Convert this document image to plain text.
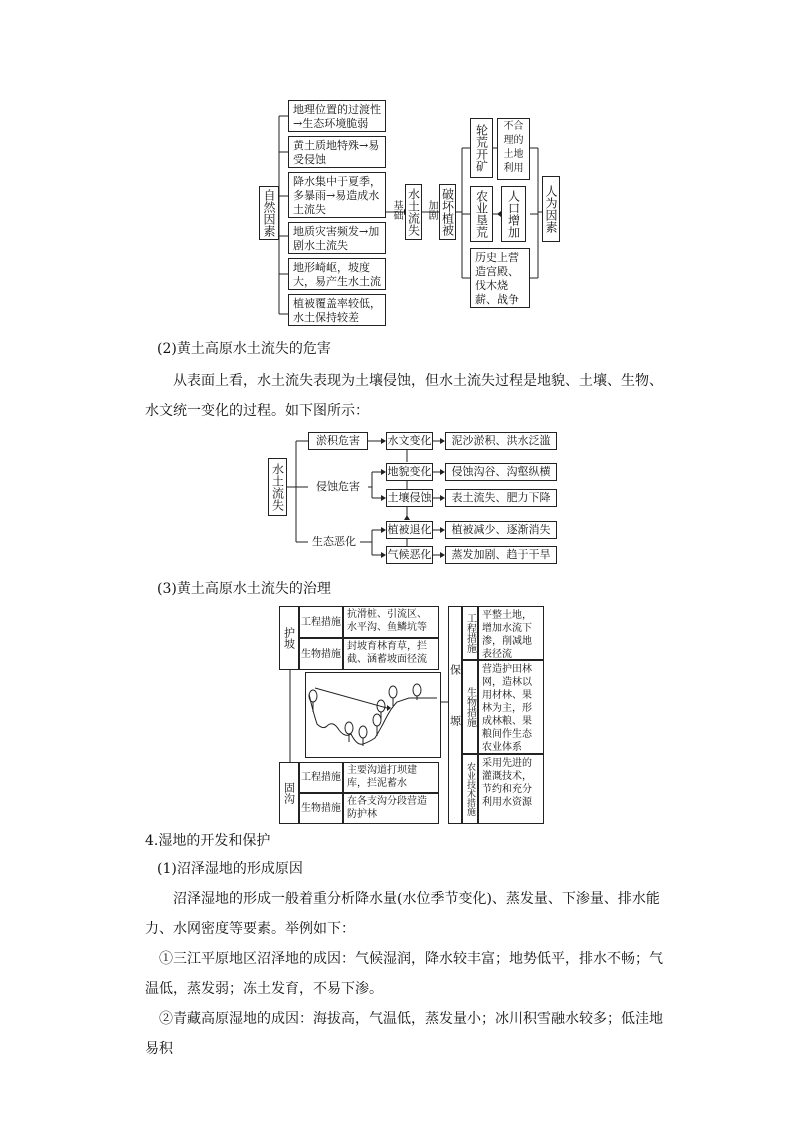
自然因素
地理位置的过渡性→生态环境脆弱
黄土质地特殊→易受侵蚀
降水集中于夏季，多暴雨→易造成水土流失
地质灾害频发→加剧水土流失
地形崎岖，坡度大，易产生水土流
植被覆盖率较低，水土保持较差
基础 水土流失 加剧 破坏植被
轮荒开矿
农业垦荒
历史上营造宫殿、伐木烧薪、战争
不合理的土地利用
人口增加	人为因素

(2)黄土高原水土流失的危害

从表面上看，水土流失表现为土壤侵蚀，但水土流失过程是地貌、土壤、生物、水文统一变化的过程。如下图所示：

水土流失
淤积危害
侵蚀危害
生态恶化
水文变化
地貌变化
土壤侵蚀
植被退化
气候恶化
泥沙淤积、洪水泛滥
侵蚀沟谷、沟壑纵横
表土流失、肥力下降
植被减少、逐渐消失
蒸发加剧、趋于干旱

(3)黄土高原水土流失的治理

护坡
工程措施
抗滑桩、引流区、水平沟、鱼鳞坑等
生物措施
封坡育林育草，拦截、涵蓄坡面径流
固沟
工程措施
主要沟道打坝建库，拦泥蓄水
生物措施
在各支沟分段营造防护林
保塬
工程措施 平整土地，增加水流下渗，削减地表径流
生物措施
营造护田林网，造林以用材林、果林为主，形成林粮、果粮间作生态农业体系
农业技术措施 采用先进的灌溉技术，节约和充分利用水资源

4.湿地的开发和保护

(1)沼泽湿地的形成原因

沼泽湿地的形成一般着重分析降水量(水位季节变化)、蒸发量、下渗量、排水能力、水网密度等要素。举例如下：

①三江平原地区沼泽地的成因：气候湿润，降水较丰富；地势低平，排水不畅；气温低，蒸发弱；冻土发育，不易下渗。

②青藏高原湿地的成因：海拔高，气温低，蒸发量小；冰川积雪融水较多；低洼地易积
